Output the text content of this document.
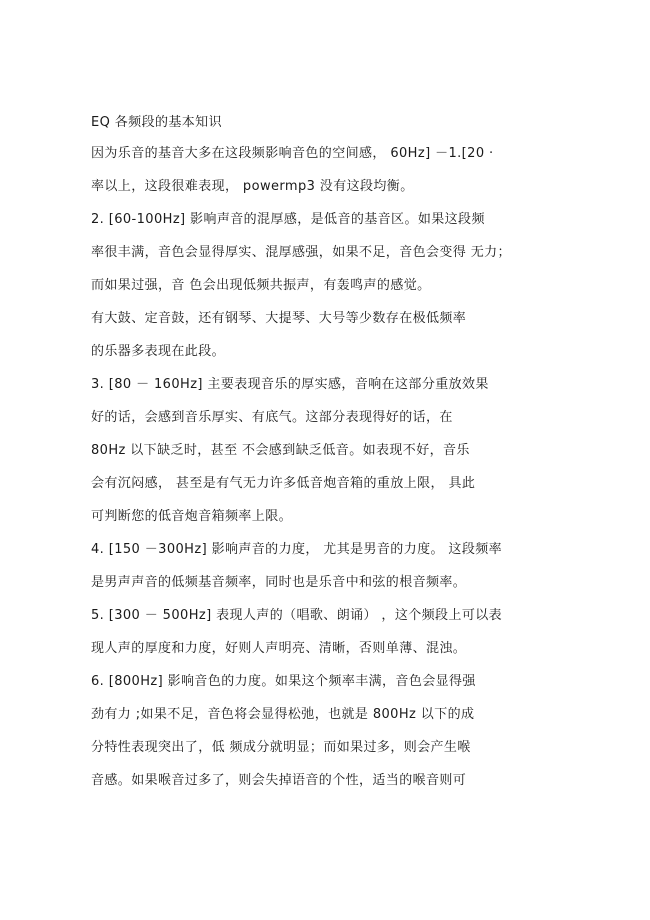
EQ 各频段的基本知识
因为乐音的基音大多在这段频影响音色的空间感， 60Hz] －1.[20 ·
率以上，这段很难表现， powermp3 没有这段均衡。
2. [60-100Hz] 影响声音的混厚感，是低音的基音区。如果这段频
率很丰满，音色会显得厚实、混厚感强，如果不足，音色会变得 无力；
而如果过强，音 色会出现低频共振声，有轰鸣声的感觉。
有大鼓、定音鼓，还有钢琴、大提琴、大号等少数存在极低频率
的乐器多表现在此段。
3. [80 － 160Hz] 主要表现音乐的厚实感，音响在这部分重放效果
好的话，会感到音乐厚实、有底气。这部分表现得好的话，在
80Hz 以下缺乏时，甚至 不会感到缺乏低音。如表现不好，音乐
会有沉闷感， 甚至是有气无力许多低音炮音箱的重放上限， 具此
可判断您的低音炮音箱频率上限。
4. [150 －300Hz] 影响声音的力度， 尤其是男音的力度。 这段频率
是男声声音的低频基音频率，同时也是乐音中和弦的根音频率。
5. [300 － 500Hz] 表现人声的（唱歌、朗诵） ，这个频段上可以表
现人声的厚度和力度，好则人声明亮、清晰，否则单薄、混浊。
6. [800Hz] 影响音色的力度。如果这个频率丰满，音色会显得强
劲有力 ;如果不足，音色将会显得松弛，也就是 800Hz 以下的成
分特性表现突出了，低 频成分就明显；而如果过多，则会产生喉
音感。如果喉音过多了，则会失掉语音的个性，适当的喉音则可
